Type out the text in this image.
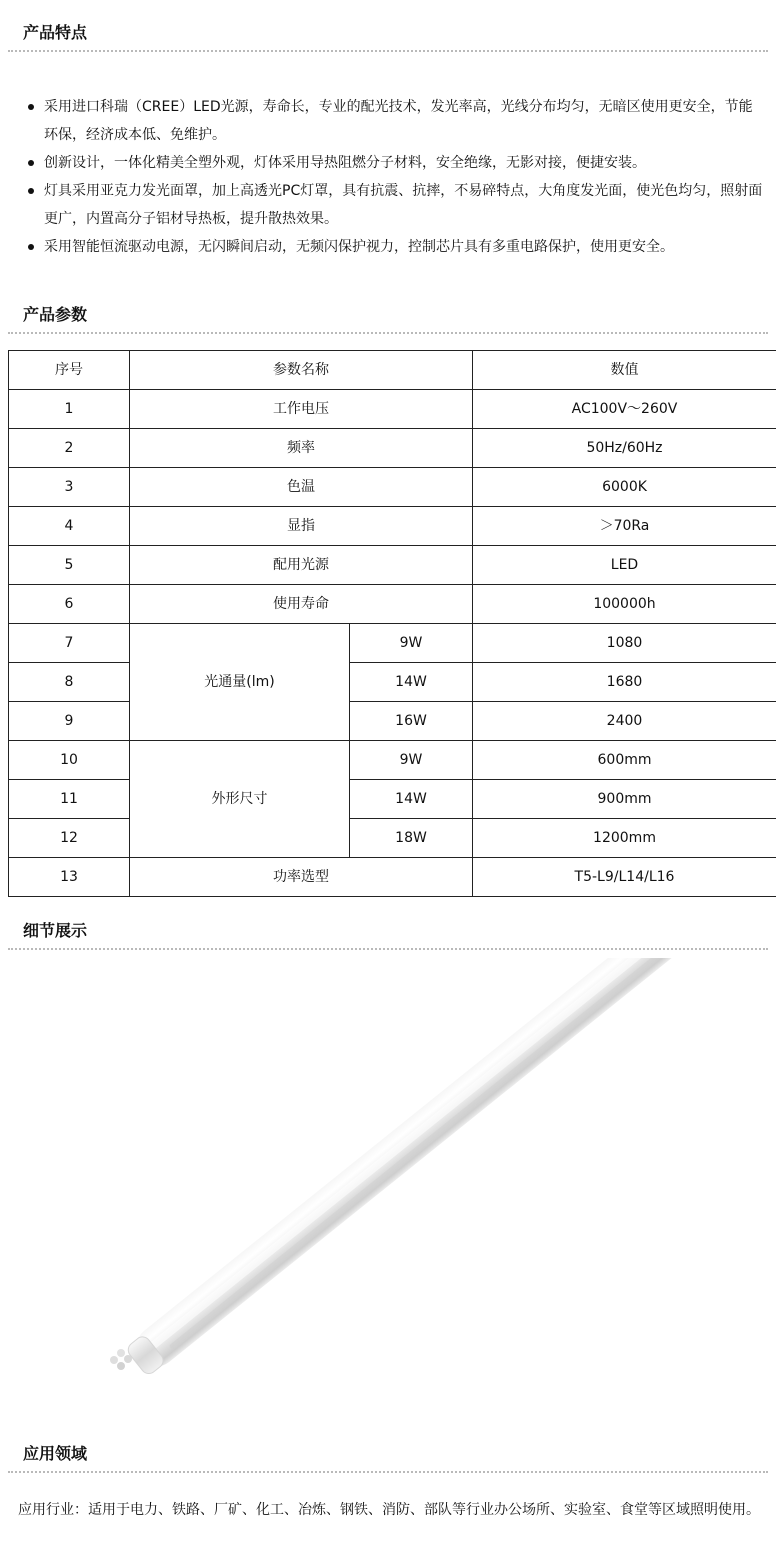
产品特点
采用进口科瑞（CREE）LED光源，寿命长，专业的配光技术，发光率高，光线分布均匀，无暗区使用更安全，节能环保，经济成本低、免维护。
创新设计，一体化精美全塑外观，灯体采用导热阻燃分子材料，安全绝缘，无影对接，便捷安装。
灯具采用亚克力发光面罩，加上高透光PC灯罩，具有抗震、抗摔，不易碎特点，大角度发光面，使光色均匀，照射面更广，内置高分子铝材导热板，提升散热效果。
采用智能恒流驱动电源，无闪瞬间启动，无频闪保护视力，控制芯片具有多重电路保护，使用更安全。
产品参数
序号	参数名称		数值
1	工作电压		AC100V～260V
2	频率		50Hz/60Hz
3	色温		6000K
4	显指		＞70Ra
5	配用光源		LED
6	使用寿命		100000h
7	光通量(lm)	9W	1080
8		14W	1680
9		16W	2400
10	外形尺寸	9W	600mm
11		14W	900mm
12		18W	1200mm
13	功率选型		T5-L9/L14/L16
细节展示
应用领域

应用行业：适用于电力、铁路、厂矿、化工、冶炼、钢铁、消防、部队等行业办公场所、实验室、食堂等区域照明使用。
